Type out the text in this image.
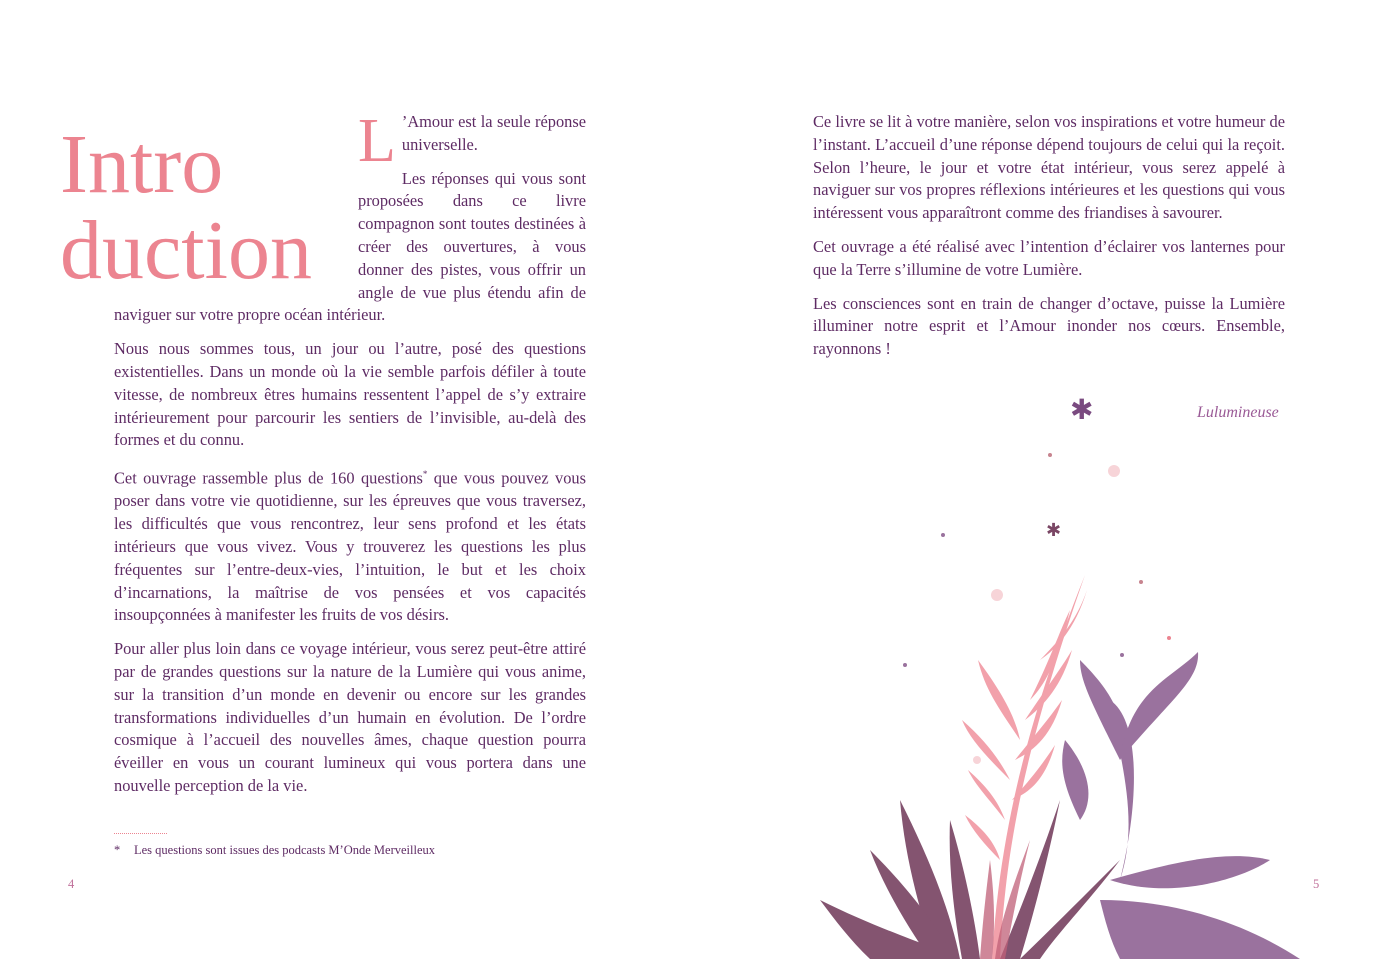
Intro
duction

L ’Amour est la seule réponse universelle.

Les réponses qui vous sont proposées dans ce livre compagnon sont toutes destinées à créer des ouvertures, à vous donner des pistes, vous offrir un angle de vue plus étendu afin de naviguer sur votre propre océan intérieur.

Nous nous sommes tous, un jour ou l’autre, posé des questions existentielles. Dans un monde où la vie semble parfois défiler à toute vitesse, de nombreux êtres humains ressentent l’appel de s’y extraire intérieurement pour parcourir les sentiers de l’invisible, au-delà des formes et du connu.

Cet ouvrage rassemble plus de 160 questions* que vous pouvez vous poser dans votre vie quotidienne, sur les épreuves que vous traversez, les difficultés que vous rencontrez, leur sens profond et les états intérieurs que vous vivez. Vous y trouverez les questions les plus fréquentes sur l’entre-deux-vies, l’intuition, le but et les choix d’incarnations, la maîtrise de vos pensées et vos capacités insoupçonnées à manifester les fruits de vos désirs.

Pour aller plus loin dans ce voyage intérieur, vous serez peut-être attiré par de grandes questions sur la nature de la Lumière qui vous anime, sur la transition d’un monde en devenir ou encore sur les grandes transformations individuelles d’un humain en évolution. De l’ordre cosmique à l’accueil des nouvelles âmes, chaque question pourra éveiller en vous un courant lumineux qui vous portera dans une nouvelle perception de la vie.

* Les questions sont issues des podcasts M’Onde Merveilleux
4
✱

Ce livre se lit à votre manière, selon vos inspirations et votre humeur de l’instant. L’accueil d’une réponse dépend toujours de celui qui la reçoit. Selon l’heure, le jour et votre état intérieur, vous serez appelé à naviguer sur vos propres réflexions intérieures et les questions qui vous intéressent vous apparaîtront comme des friandises à savourer.

Cet ouvrage a été réalisé avec l’intention d’éclairer vos lanternes pour que la Terre s’illumine de votre Lumière.

Les consciences sont en train de changer d’octave, puisse la Lumière illuminer notre esprit et l’Amour inonder nos cœurs. Ensemble, rayonnons !

✱	Lulumineuse
5
